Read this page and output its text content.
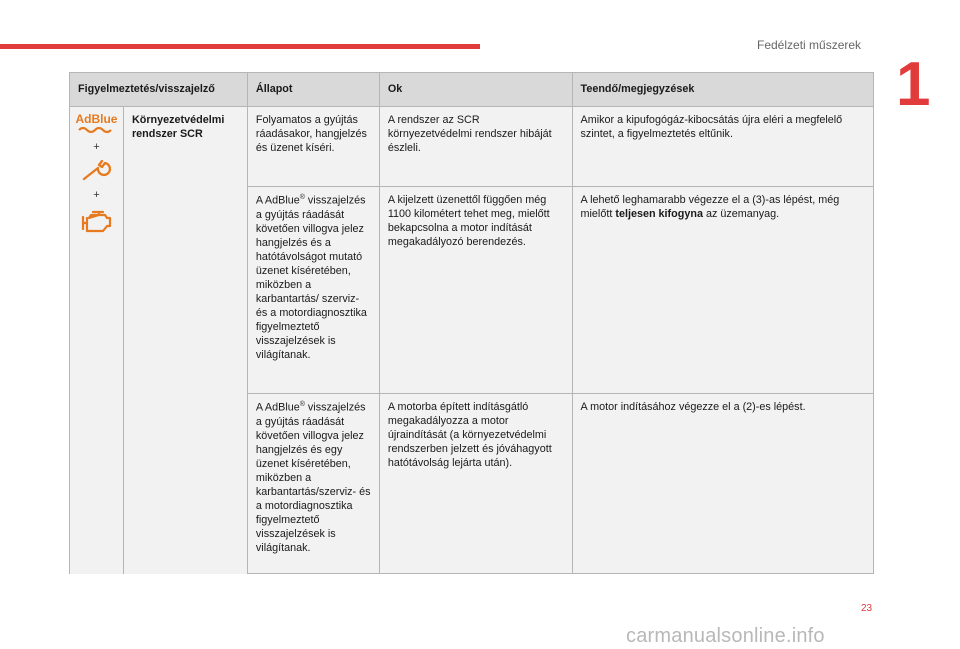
Fedélzeti műszerek
1
Figyelmeztetés/visszajelző		Állapot	Ok	Teendő/megjegyzések

AdBlue
+
+	Környezetvédelmi rendszer SCR	Folyamatos a gyújtás ráadásakor, hangjelzés és üzenet kíséri.	A rendszer az SCR környezetvédelmi rendszer hibáját észleli.	Amikor a kipufogógáz-kibocsátás újra eléri a megfelelő szintet, a figyelmeztetés eltűnik.
		A AdBlue® visszajelzés a gyújtás ráadását követően villogva jelez hangjelzés és a hatótávolságot mutató üzenet kíséretében, miközben a karbantartás/ szerviz- és a motordiagnosztika figyelmeztető visszajelzések is világítanak.	A kijelzett üzenettől függően még 1100 kilométert tehet meg, mielőtt bekapcsolna a motor indítását megakadályozó berendezés.	A lehető leghamarabb végezze el a (3)-as lépést, még mielőtt teljesen kifogyna az üzemanyag.
		A AdBlue® visszajelzés a gyújtás ráadását követően villogva jelez hangjelzés és egy üzenet kíséretében, miközben a karbantartás/szerviz- és a motordiagnosztika figyelmeztető visszajelzések is világítanak.	A motorba épített indításgátló megakadályozza a motor újraindítását (a környezetvédelmi rendszerben jelzett és jóváhagyott hatótávolság lejárta után).	A motor indításához végezze el a (2)-es lépést.
23
carmanualsonline.info
